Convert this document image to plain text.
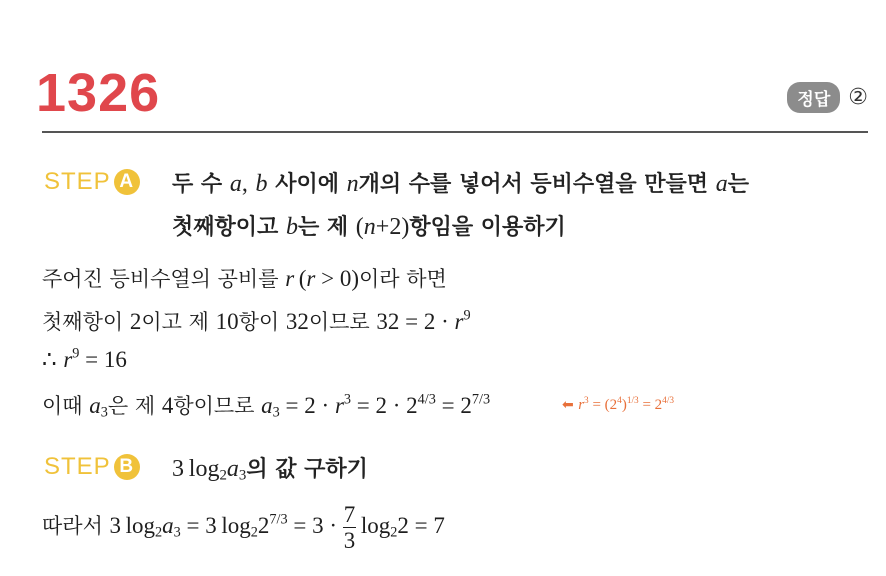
1326	정답 ②
STEP A 두 수 a, b 사이에 n개의 수를 넣어서 등비수열을 만들면 a는
첫째항이고 b는 제 (n+2)항임을 이용하기
주어진 등비수열의 공비를 r (r > 0)이라 하면
첫째항이 2이고 제 10항이 32이므로 $32 = 2 \cdot r^9$
∴ $r^9 = 16$
이때 $a_3$은 제 4항이므로 $a_3 = 2 \cdot r^3 = 2 \cdot 2^{4/3} = 2^{7/3}$	⬅ $r^3 = (2^4)^{1/3} = 2^{4/3}$
STEP B 3 $\log_2a_3$의 값 구하기
따라서 3 $\log_2a_3 = 3$ $\log_22^{7/3} = 3 \cdot \frac{7}{3} \log_22 = 7$
